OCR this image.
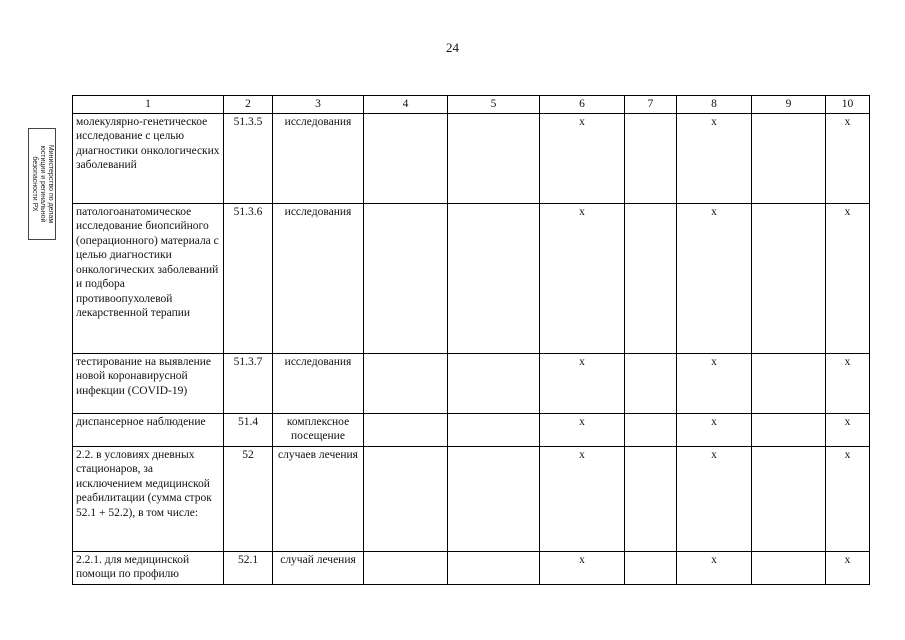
24
Министерство по делам
юстиции и регинальной
безопасности РХ
1	2	3	4	5	6	7	8	9	10
молекулярно-генетическое исследование с целью диагностики онкологических заболеваний	51.3.5	исследования			х		х		х
патологоанатомическое исследование биопсийного (операционного) материала с целью диагностики онкологических заболеваний и подбора противоопухолевой лекарственной терапии	51.3.6	исследования			х		х		х
тестирование на выявление новой коронавирусной инфекции (COVID-19)	51.3.7	исследования			х		х		х
диспансерное наблюдение	51.4	комплексное посещение			х		х		х
2.2. в условиях дневных стационаров, за исключением медицинской реабилитации (сумма строк 52.1 + 52.2), в том числе:	52	случаев лечения			х		х		х
2.2.1. для медицинской помощи по профилю	52.1	случай лечения			х		х		х
